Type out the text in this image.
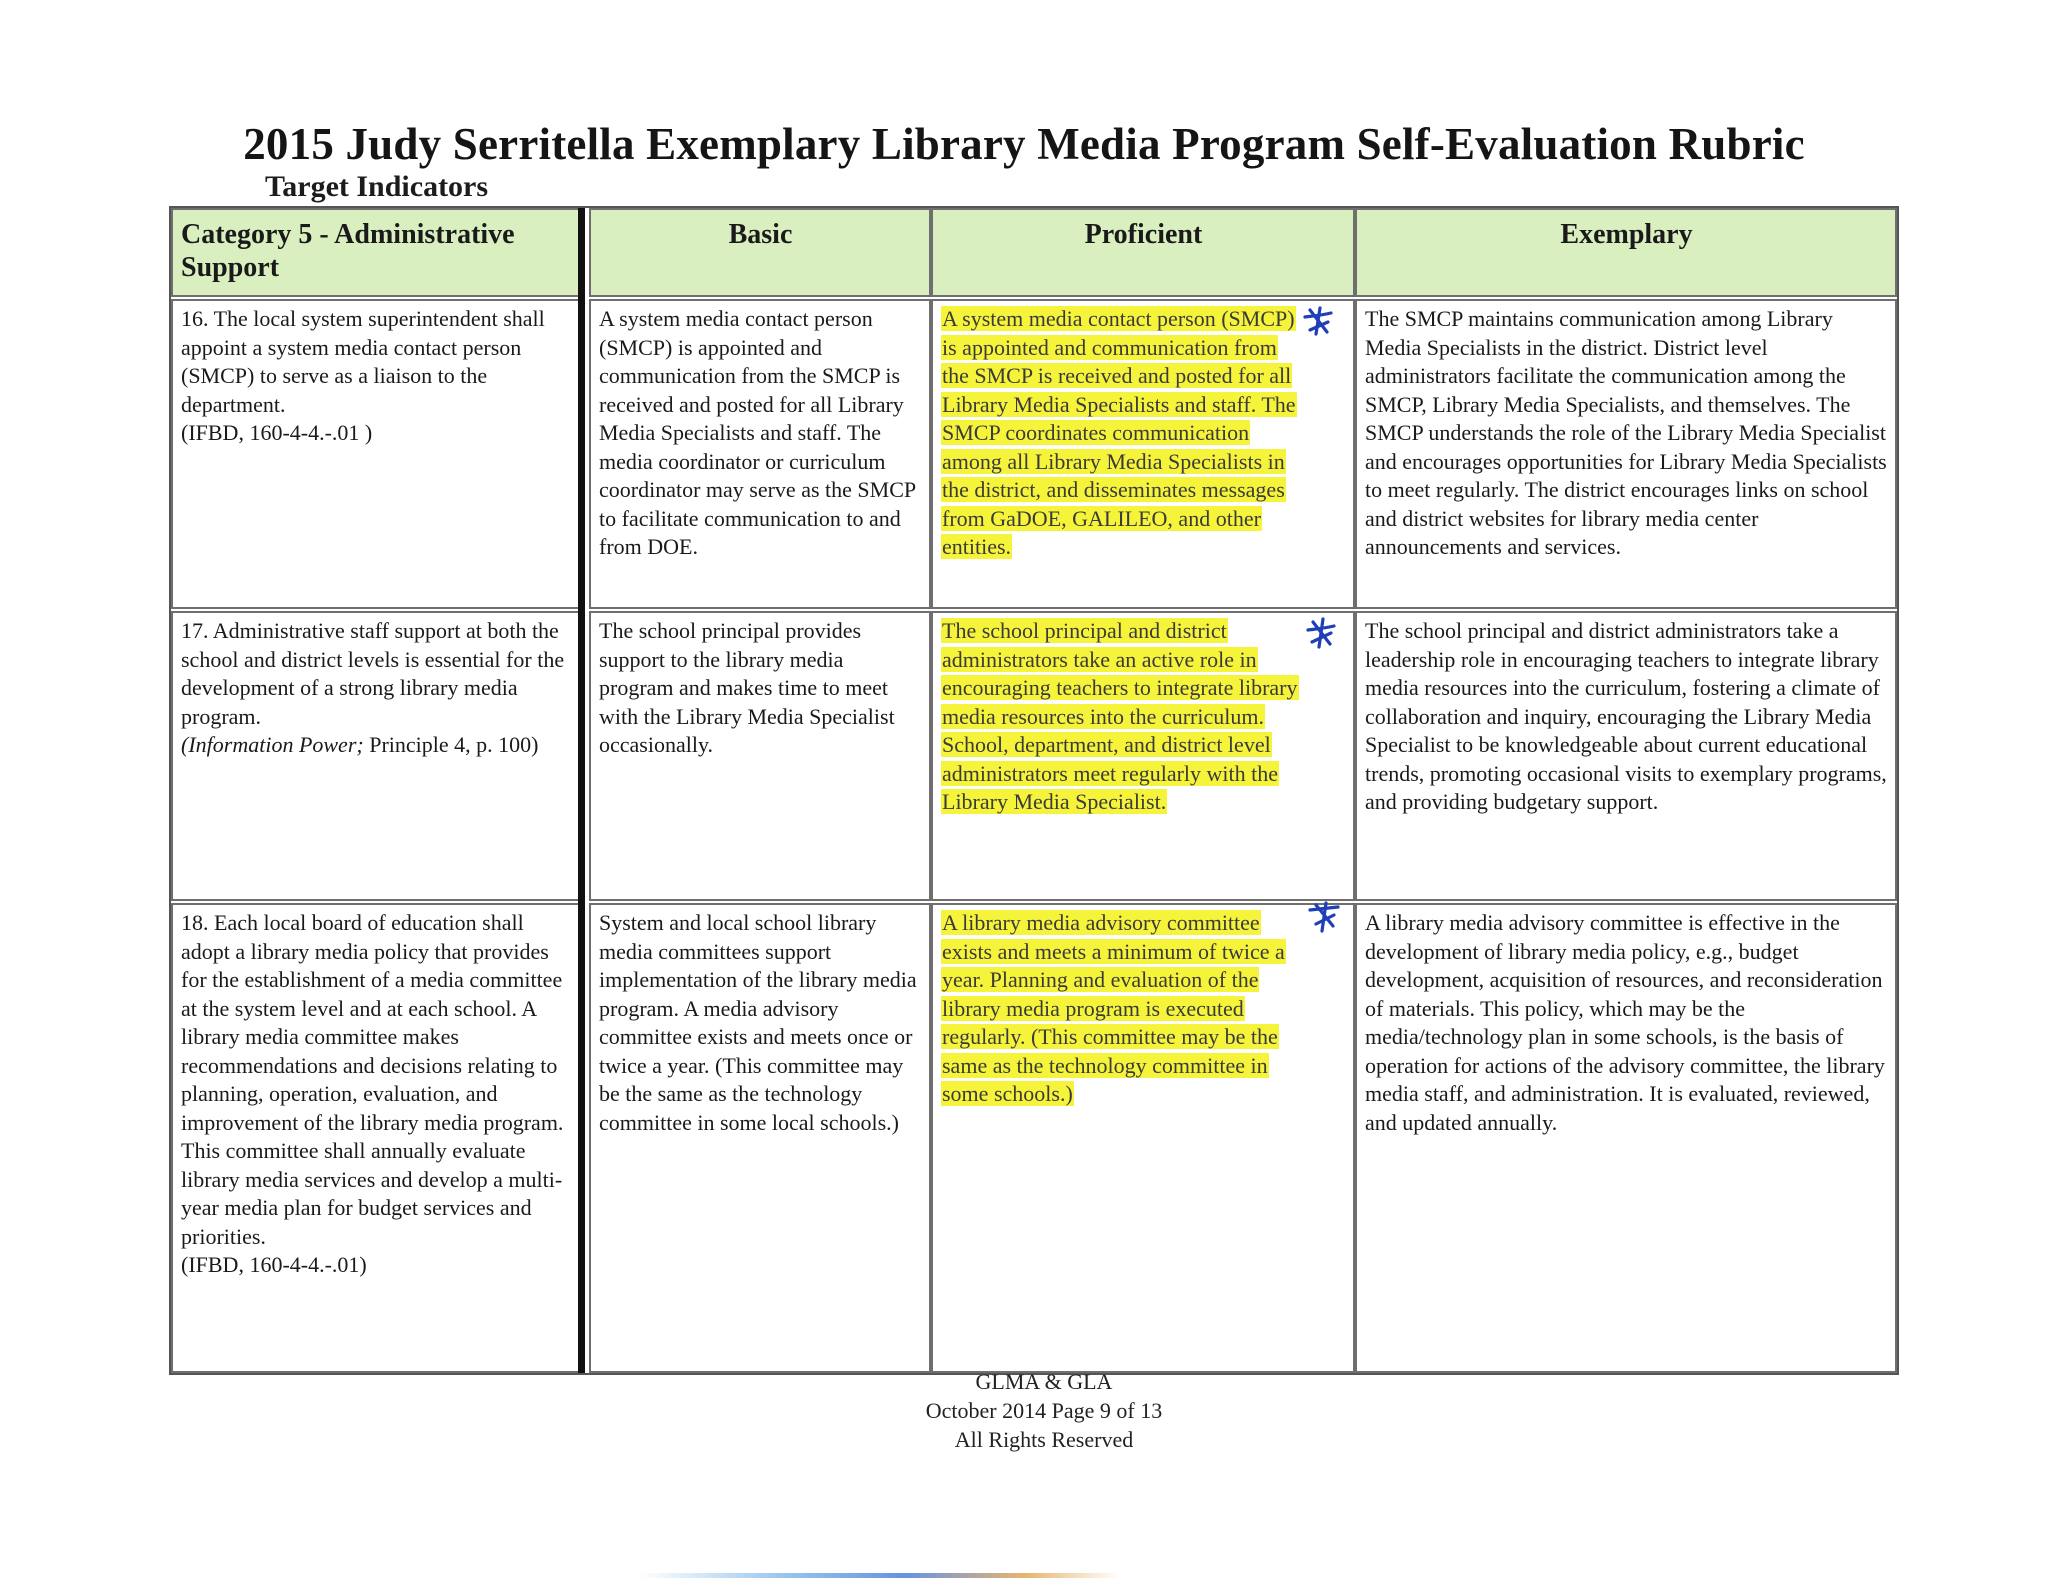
2015 Judy Serritella Exemplary Library Media Program Self-Evaluation Rubric
Target Indicators
Category 5 - Administrative Support
Basic	Proficient	Exemplary
16. The local system superintendent shall appoint a system media contact person (SMCP) to serve as a liaison to the department.
(IFBD, 160-4-4.-.01 )
A system media contact person (SMCP) is appointed and communication from the SMCP is received and posted for all Library Media Specialists and staff. The media coordinator or curriculum coordinator may serve as the SMCP to facilitate communication to and from DOE.
A system media contact person (SMCP) is appointed and communication from the SMCP is received and posted for all Library Media Specialists and staff. The SMCP coordinates communication among all Library Media Specialists in the district, and disseminates messages from GaDOE, GALILEO, and other entities.
The SMCP maintains communication among Library Media Specialists in the district. District level administrators facilitate the communication among the SMCP, Library Media Specialists, and themselves. The SMCP understands the role of the Library Media Specialist and encourages opportunities for Library Media Specialists to meet regularly. The district encourages links on school and district websites for library media center announcements and services.
17. Administrative staff support at both the school and district levels is essential for the development of a strong library media program.
(Information Power; Principle 4, p. 100)
The school principal provides support to the library media program and makes time to meet with the Library Media Specialist occasionally.
The school principal and district administrators take an active role in encouraging teachers to integrate library media resources into the curriculum. School, department, and district level administrators meet regularly with the Library Media Specialist.
The school principal and district administrators take a leadership role in encouraging teachers to integrate library media resources into the curriculum, fostering a climate of collaboration and inquiry, encouraging the Library Media Specialist to be knowledgeable about current educational trends, promoting occasional visits to exemplary programs, and providing budgetary support.
18. Each local board of education shall adopt a library media policy that provides for the establishment of a media committee at the system level and at each school. A library media committee makes recommendations and decisions relating to planning, operation, evaluation, and improvement of the library media program. This committee shall annually evaluate library media services and develop a multi-year media plan for budget services and priorities.
(IFBD, 160-4-4.-.01)
System and local school library media committees support implementation of the library media program. A media advisory committee exists and meets once or twice a year. (This committee may be the same as the technology committee in some local schools.)
A library media advisory committee exists and meets a minimum of twice a year. Planning and evaluation of the library media program is executed regularly. (This committee may be the same as the technology committee in some schools.)
A library media advisory committee is effective in the development of library media policy, e.g., budget development, acquisition of resources, and reconsideration of materials. This policy, which may be the media/technology plan in some schools, is the basis of operation for actions of the advisory committee, the library media staff, and administration. It is evaluated, reviewed, and updated annually.
GLMA & GLA
October 2014 Page 9 of 13
All Rights Reserved
